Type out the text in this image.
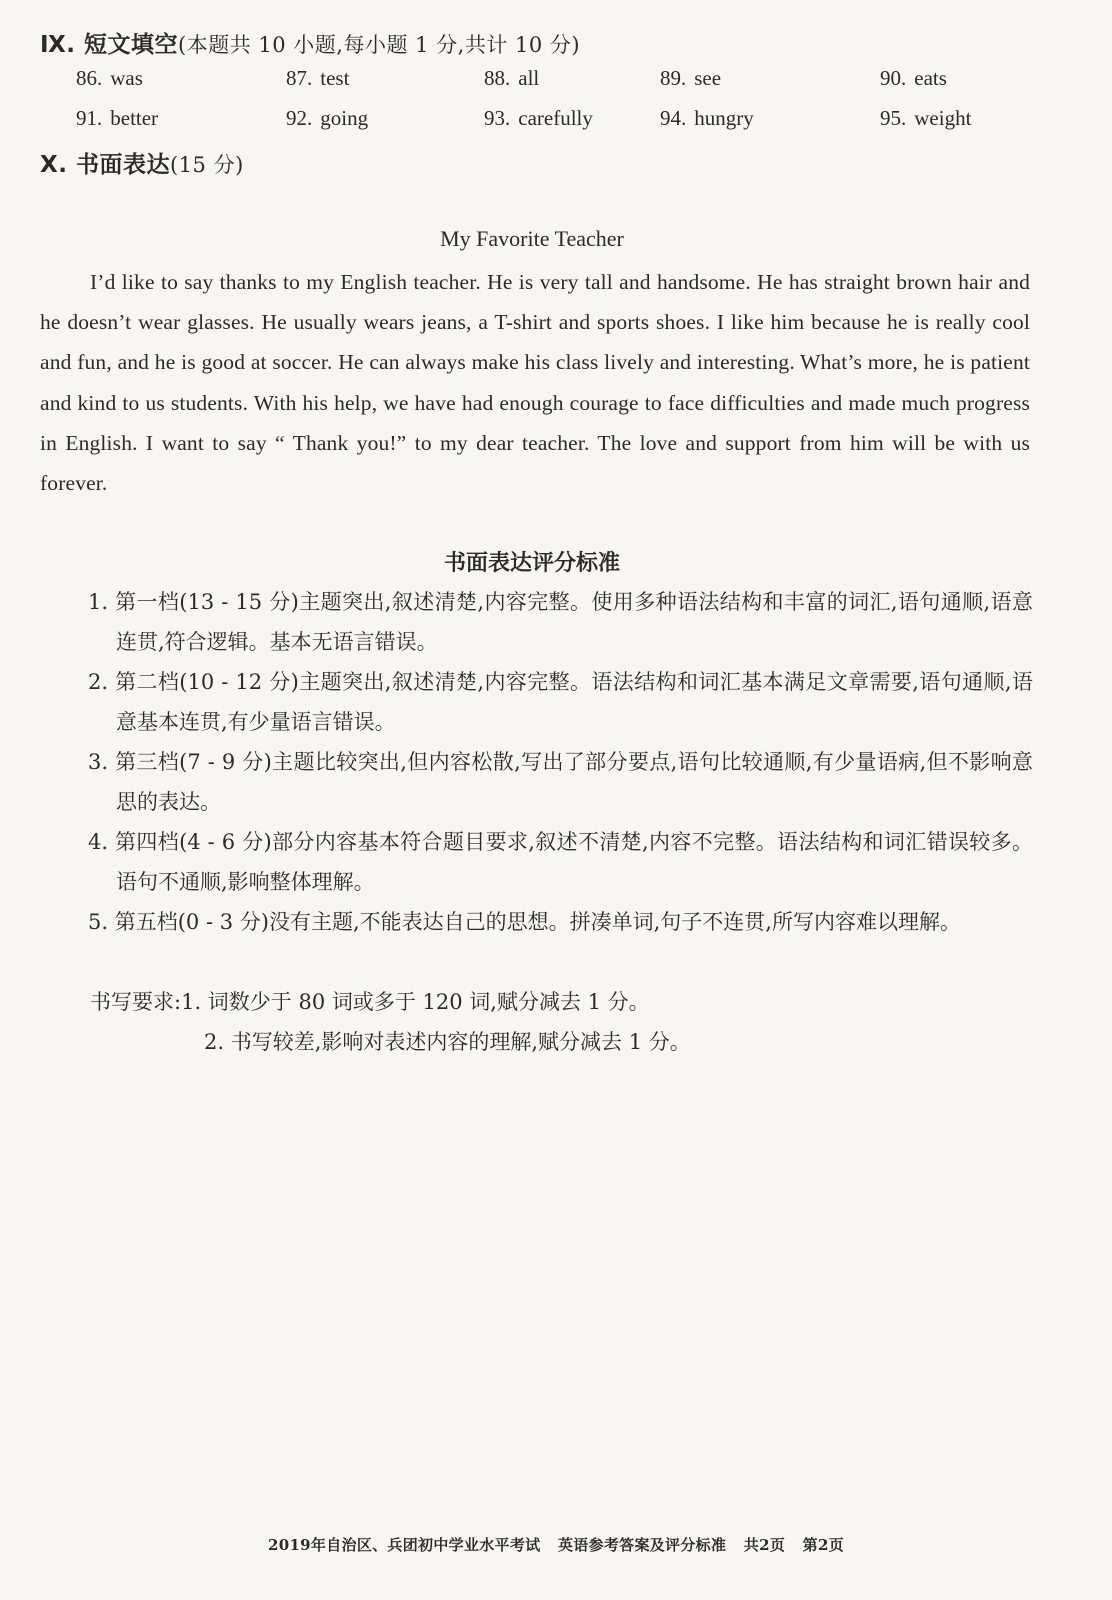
Ⅸ. 短文填空(本题共 10 小题,每小题 1 分,共计 10 分)
86. was	87. test	88. all	89. see	90. eats
91. better	92. going	93. carefully	94. hungry	95. weight
Ⅹ. 书面表达(15 分)
My Favorite Teacher
I’d like to say thanks to my English teacher. He is very tall and handsome. He has straight brown hair and he doesn’t wear glasses. He usually wears jeans, a T-shirt and sports shoes. I like him because he is really cool and fun, and he is good at soccer. He can always make his class lively and interesting. What’s more, he is patient and kind to us students. With his help, we have had enough courage to face difficulties and made much progress in English. I want to say “ Thank you!” to my dear teacher. The love and support from him will be with us forever.
书面表达评分标准

1. 第一档(13 - 15 分)主题突出,叙述清楚,内容完整。使用多种语法结构和丰富的词汇,语句通顺,语意连贯,符合逻辑。基本无语言错误。

2. 第二档(10 - 12 分)主题突出,叙述清楚,内容完整。语法结构和词汇基本满足文章需要,语句通顺,语意基本连贯,有少量语言错误。

3. 第三档(7 - 9 分)主题比较突出,但内容松散,写出了部分要点,语句比较通顺,有少量语病,但不影响意思的表达。

4. 第四档(4 - 6 分)部分内容基本符合题目要求,叙述不清楚,内容不完整。语法结构和词汇错误较多。语句不通顺,影响整体理解。

5. 第五档(0 - 3 分)没有主题,不能表达自己的思想。拼凑单词,句子不连贯,所写内容难以理解。

书写要求:1. 词数少于 80 词或多于 120 词,赋分减去 1 分。
2. 书写较差,影响对表述内容的理解,赋分减去 1 分。
2019年自治区、兵团初中学业水平考试 英语参考答案及评分标准 共2页 第2页
